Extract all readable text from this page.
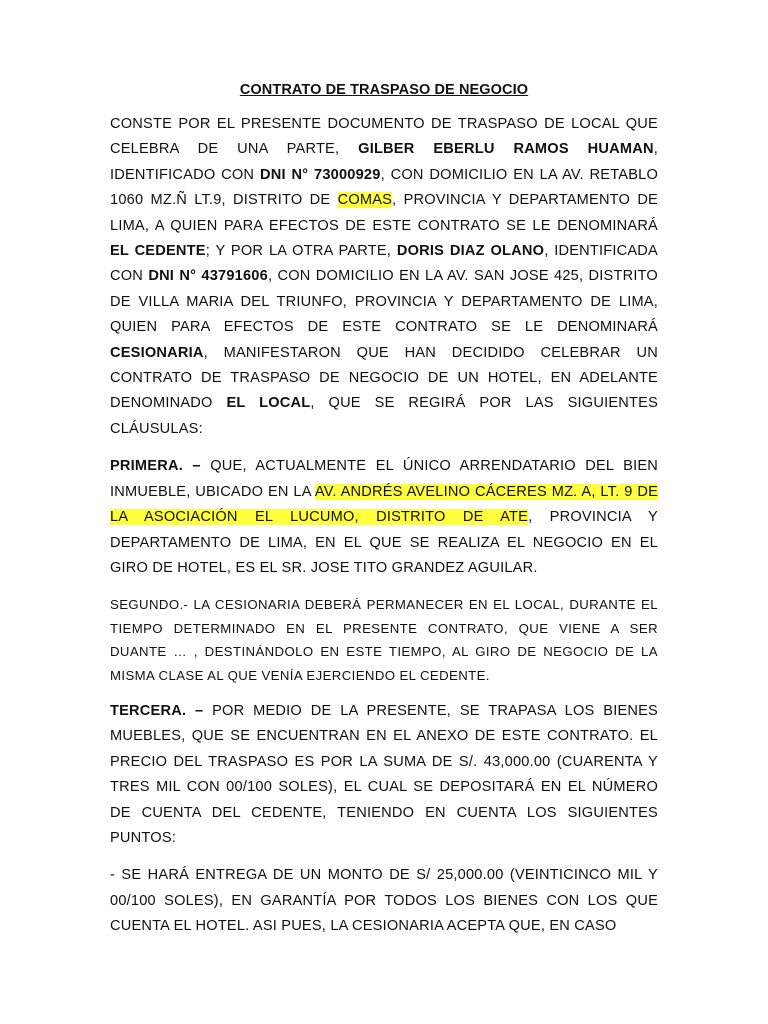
CONTRATO DE TRASPASO DE NEGOCIO

CONSTE POR EL PRESENTE DOCUMENTO DE TRASPASO DE LOCAL QUE CELEBRA DE UNA PARTE, GILBER EBERLU RAMOS HUAMAN, IDENTIFICADO CON DNI N° 73000929, CON DOMICILIO EN LA AV. RETABLO 1060 MZ.Ñ LT.9, DISTRITO DE COMAS, PROVINCIA Y DEPARTAMENTO DE LIMA, A QUIEN PARA EFECTOS DE ESTE CONTRATO SE LE DENOMINARÁ EL CEDENTE; Y POR LA OTRA PARTE, DORIS DIAZ OLANO, IDENTIFICADA CON DNI N° 43791606, CON DOMICILIO EN LA AV. SAN JOSE 425, DISTRITO DE VILLA MARIA DEL TRIUNFO, PROVINCIA Y DEPARTAMENTO DE LIMA, QUIEN PARA EFECTOS DE ESTE CONTRATO SE LE DENOMINARÁ CESIONARIA, MANIFESTARON QUE HAN DECIDIDO CELEBRAR UN CONTRATO DE TRASPASO DE NEGOCIO DE UN HOTEL, EN ADELANTE DENOMINADO EL LOCAL, QUE SE REGIRÁ POR LAS SIGUIENTES CLÁUSULAS:

PRIMERA. – QUE, ACTUALMENTE EL ÚNICO ARRENDATARIO DEL BIEN INMUEBLE, UBICADO EN LA AV. ANDRÉS AVELINO CÁCERES MZ. A, LT. 9 DE LA ASOCIACIÓN EL LUCUMO, DISTRITO DE ATE, PROVINCIA Y DEPARTAMENTO DE LIMA, EN EL QUE SE REALIZA EL NEGOCIO EN EL GIRO DE HOTEL, ES EL SR. JOSE TITO GRANDEZ AGUILAR.

SEGUNDO.- LA CESIONARIA DEBERÁ PERMANECER EN EL LOCAL, DURANTE EL TIEMPO DETERMINADO EN EL PRESENTE CONTRATO, QUE VIENE A SER DUANTE … , DESTINÁNDOLO EN ESTE TIEMPO, AL GIRO DE NEGOCIO DE LA MISMA CLASE AL QUE VENÍA EJERCIENDO EL CEDENTE.

TERCERA. – POR MEDIO DE LA PRESENTE, SE TRAPASA LOS BIENES MUEBLES, QUE SE ENCUENTRAN EN EL ANEXO DE ESTE CONTRATO. EL PRECIO DEL TRASPASO ES POR LA SUMA DE S/. 43,000.00 (CUARENTA Y TRES MIL CON 00/100 SOLES), EL CUAL SE DEPOSITARÁ EN EL NÚMERO DE CUENTA DEL CEDENTE, TENIENDO EN CUENTA LOS SIGUIENTES PUNTOS:

- SE HARÁ ENTREGA DE UN MONTO DE S/ 25,000.00 (VEINTICINCO MIL Y 00/100 SOLES), EN GARANTÍA POR TODOS LOS BIENES CON LOS QUE CUENTA EL HOTEL. ASI PUES, LA CESIONARIA ACEPTA QUE, EN CASO
